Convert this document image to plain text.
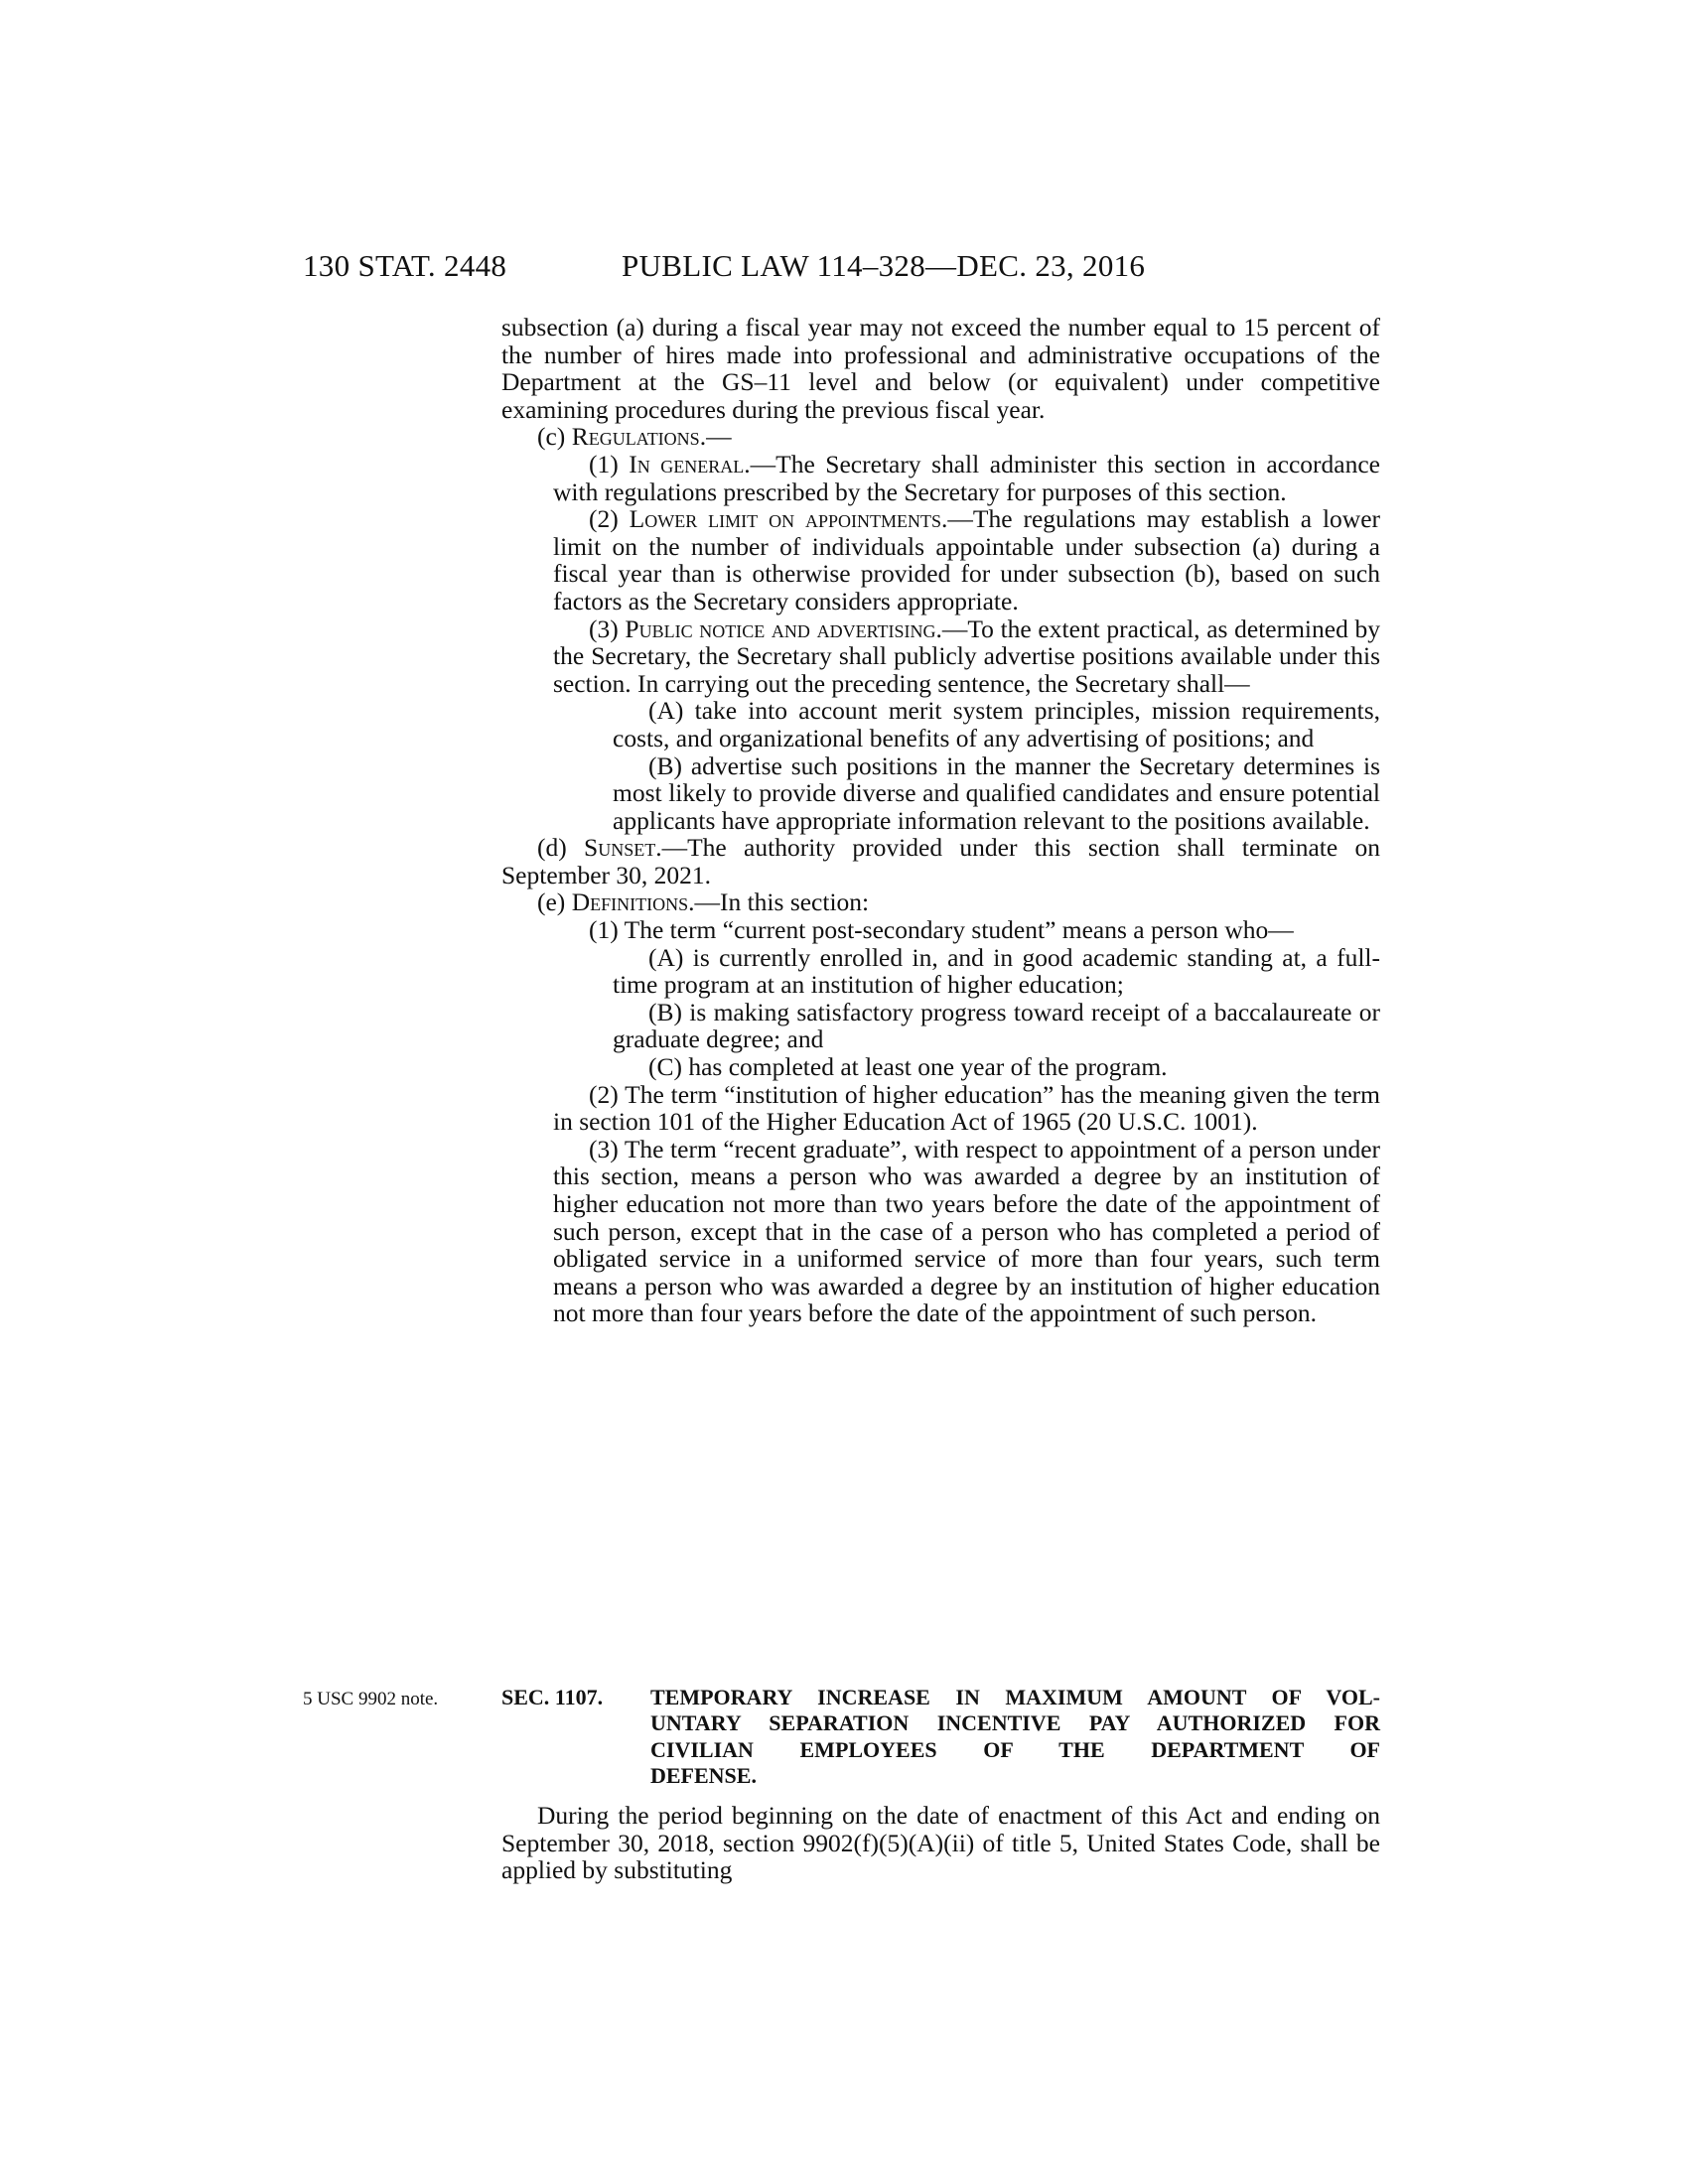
130 STAT. 2448	PUBLIC LAW 114–328—DEC. 23, 2016

subsection (a) during a fiscal year may not exceed the number equal to 15 percent of the number of hires made into professional and administrative occupations of the Department at the GS–11 level and below (or equivalent) under competitive examining procedures during the previous fiscal year.

(c) Regulations.—

(1) In general.—The Secretary shall administer this section in accordance with regulations prescribed by the Secretary for purposes of this section.

(2) Lower limit on appointments.—The regulations may establish a lower limit on the number of individuals appointable under subsection (a) during a fiscal year than is otherwise provided for under subsection (b), based on such factors as the Secretary considers appropriate.

(3) Public notice and advertising.—To the extent practical, as determined by the Secretary, the Secretary shall publicly advertise positions available under this section. In carrying out the preceding sentence, the Secretary shall—

(A) take into account merit system principles, mission requirements, costs, and organizational benefits of any advertising of positions; and

(B) advertise such positions in the manner the Secretary determines is most likely to provide diverse and qualified candidates and ensure potential applicants have appropriate information relevant to the positions available.

(d) Sunset.—The authority provided under this section shall terminate on September 30, 2021.

(e) Definitions.—In this section:

(1) The term “current post-secondary student” means a person who—

(A) is currently enrolled in, and in good academic standing at, a full-time program at an institution of higher education;

(B) is making satisfactory progress toward receipt of a baccalaureate or graduate degree; and

(C) has completed at least one year of the program.

(2) The term “institution of higher education” has the meaning given the term in section 101 of the Higher Education Act of 1965 (20 U.S.C. 1001).

(3) The term “recent graduate”, with respect to appointment of a person under this section, means a person who was awarded a degree by an institution of higher education not more than two years before the date of the appointment of such person, except that in the case of a person who has completed a period of obligated service in a uniformed service of more than four years, such term means a person who was awarded a degree by an institution of higher education not more than four years before the date of the appointment of such person.

5 USC 9902 note.	SEC. 1107.	TEMPORARY INCREASE IN MAXIMUM AMOUNT OF VOL-
UNTARY SEPARATION INCENTIVE PAY AUTHORIZED FOR
CIVILIAN EMPLOYEES OF THE DEPARTMENT OF
DEFENSE.

During the period beginning on the date of enactment of this Act and ending on September 30, 2018, section 9902(f)(5)(A)(ii) of title 5, United States Code, shall be applied by substituting
